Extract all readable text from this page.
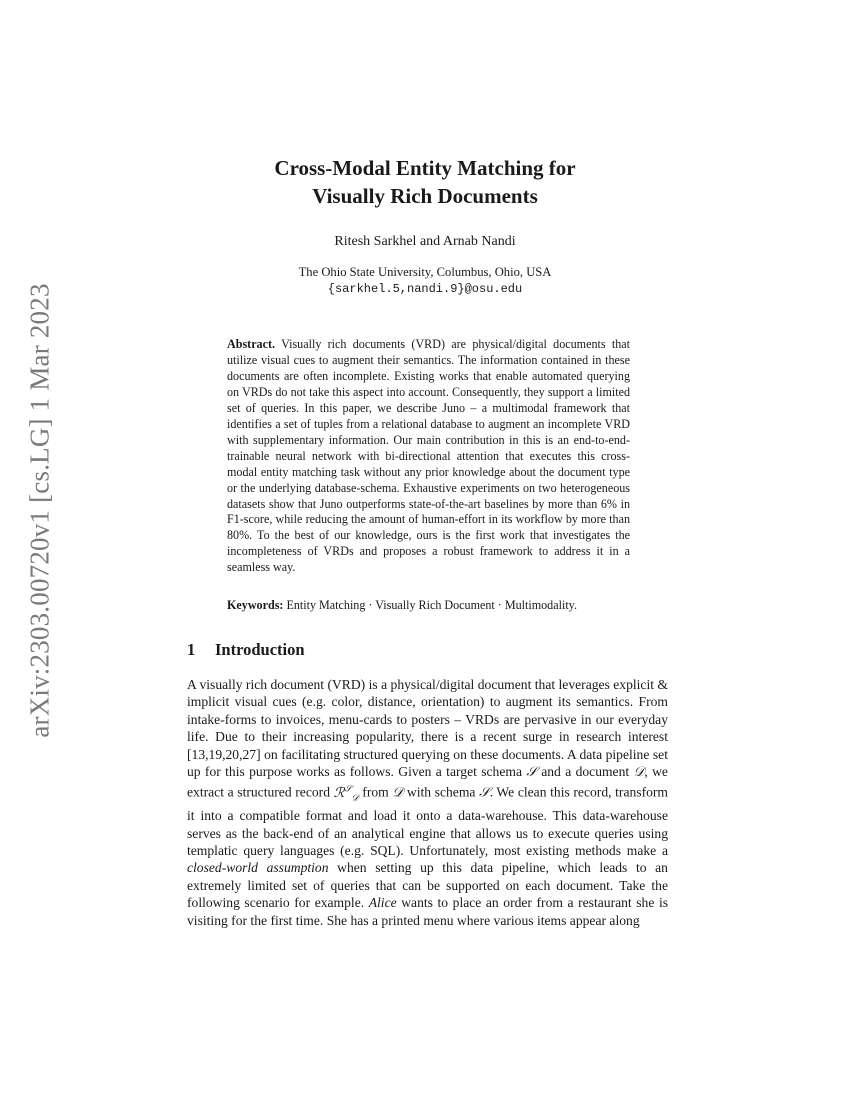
arXiv:2303.00720v1 [cs.LG] 1 Mar 2023
Cross-Modal Entity Matching for
Visually Rich Documents
Ritesh Sarkhel and Arnab Nandi
The Ohio State University, Columbus, Ohio, USA
{sarkhel.5,nandi.9}@osu.edu
Abstract. Visually rich documents (VRD) are physical/digital documents that utilize visual cues to augment their semantics. The information contained in these documents are often incomplete. Existing works that enable automated querying on VRDs do not take this aspect into account. Consequently, they support a limited set of queries. In this paper, we describe Juno – a multimodal framework that identifies a set of tuples from a relational database to augment an incomplete VRD with supplementary information. Our main contribution in this is an end-to-end-trainable neural network with bi-directional attention that executes this cross-modal entity matching task without any prior knowledge about the document type or the underlying database-schema. Exhaustive experiments on two heterogeneous datasets show that Juno outperforms state-of-the-art baselines by more than 6% in F1-score, while reducing the amount of human-effort in its workflow by more than 80%. To the best of our knowledge, ours is the first work that investigates the incompleteness of VRDs and proposes a robust framework to address it in a seamless way.
Keywords: Entity Matching · Visually Rich Document · Multimodality.
1 Introduction
A visually rich document (VRD) is a physical/digital document that leverages explicit & implicit visual cues (e.g. color, distance, orientation) to augment its semantics. From intake-forms to invoices, menu-cards to posters – VRDs are pervasive in our everyday life. Due to their increasing popularity, there is a recent surge in research interest [13,19,20,27] on facilitating structured querying on these documents. A data pipeline set up for this purpose works as follows. Given a target schema 𝒮 and a document 𝒟, we extract a structured record ℛ$^𝒮_𝒟$ from 𝒟 with schema 𝒮. We clean this record, transform it into a compatible format and load it onto a data-warehouse. This data-warehouse serves as the back-end of an analytical engine that allows us to execute queries using templatic query languages (e.g. SQL). Unfortunately, most existing methods make a closed-world assumption when setting up this data pipeline, which leads to an extremely limited set of queries that can be supported on each document. Take the following scenario for example. Alice wants to place an order from a restaurant she is visiting for the first time. She has a printed menu where various items appear along
